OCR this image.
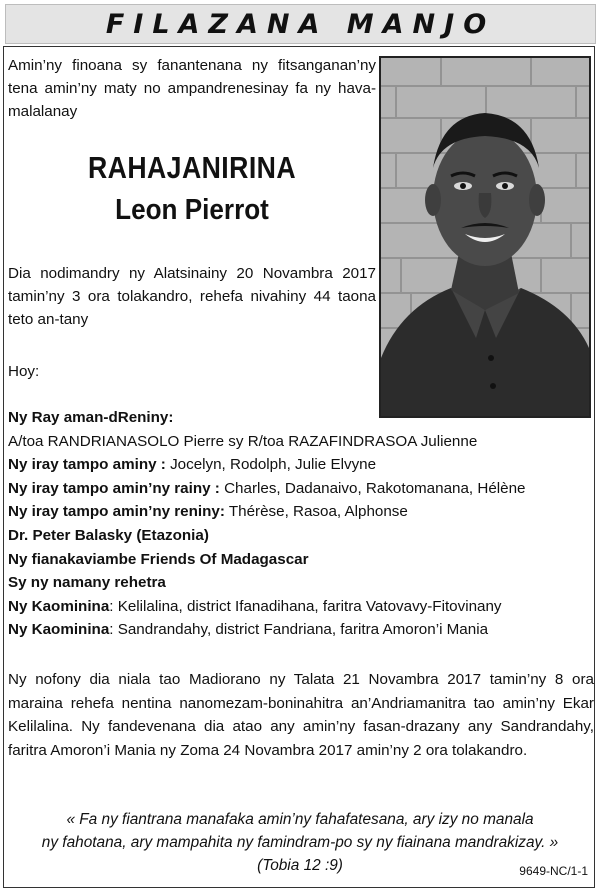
FILAZANA MANJO

Amin’ny finoana sy fanantenana ny fitsanganan’ny tena amin’ny maty no ampandrenesinay fa ny hava-malalanay

RAHAJANIRINA
Leon Pierrot

Dia nodimandry ny Alatsinainy 20 Novambra 2017 tamin’ny 3 ora tolakandro, rehefa nivahiny 44 taona teto an-tany

Hoy:

Ny Ray aman-dReniny:
A/toa RANDRIANASOLO Pierre sy R/toa RAZAFINDRASOA Julienne
Ny iray tampo aminy : Jocelyn, Rodolph, Julie Elvyne
Ny iray tampo amin’ny rainy : Charles, Dadanaivo, Rakotomanana, Hélène
Ny iray tampo amin’ny reniny: Thérèse, Rasoa, Alphonse
Dr. Peter Balasky (Etazonia)
Ny fianakaviambe Friends Of Madagascar
Sy ny namany rehetra
Ny Kaominina: Kelilalina, district Ifanadihana, faritra Vatovavy-Fitovinany
Ny Kaominina: Sandrandahy, district Fandriana, faritra Amoron’i Mania

Ny nofony dia niala tao Madiorano ny Talata 21 Novambra 2017 tamin’ny 8 ora maraina rehefa nentina nanomezam-boninahitra an’Andriamanitra tao amin’ny Ekar Kelilalina. Ny fandevenana dia atao any amin’ny fasan-drazany any Sandrandahy, faritra Amoron’i Mania ny Zoma 24 Novambra 2017 amin’ny 2 ora tolakandro.

« Fa ny fiantrana manafaka amin’ny fahafatesana, ary izy no manala
ny fahotana, ary mampahita ny famindram-po sy ny fiainana mandrakizay. »
(Tobia 12 :9)	9649-NC/1-1
